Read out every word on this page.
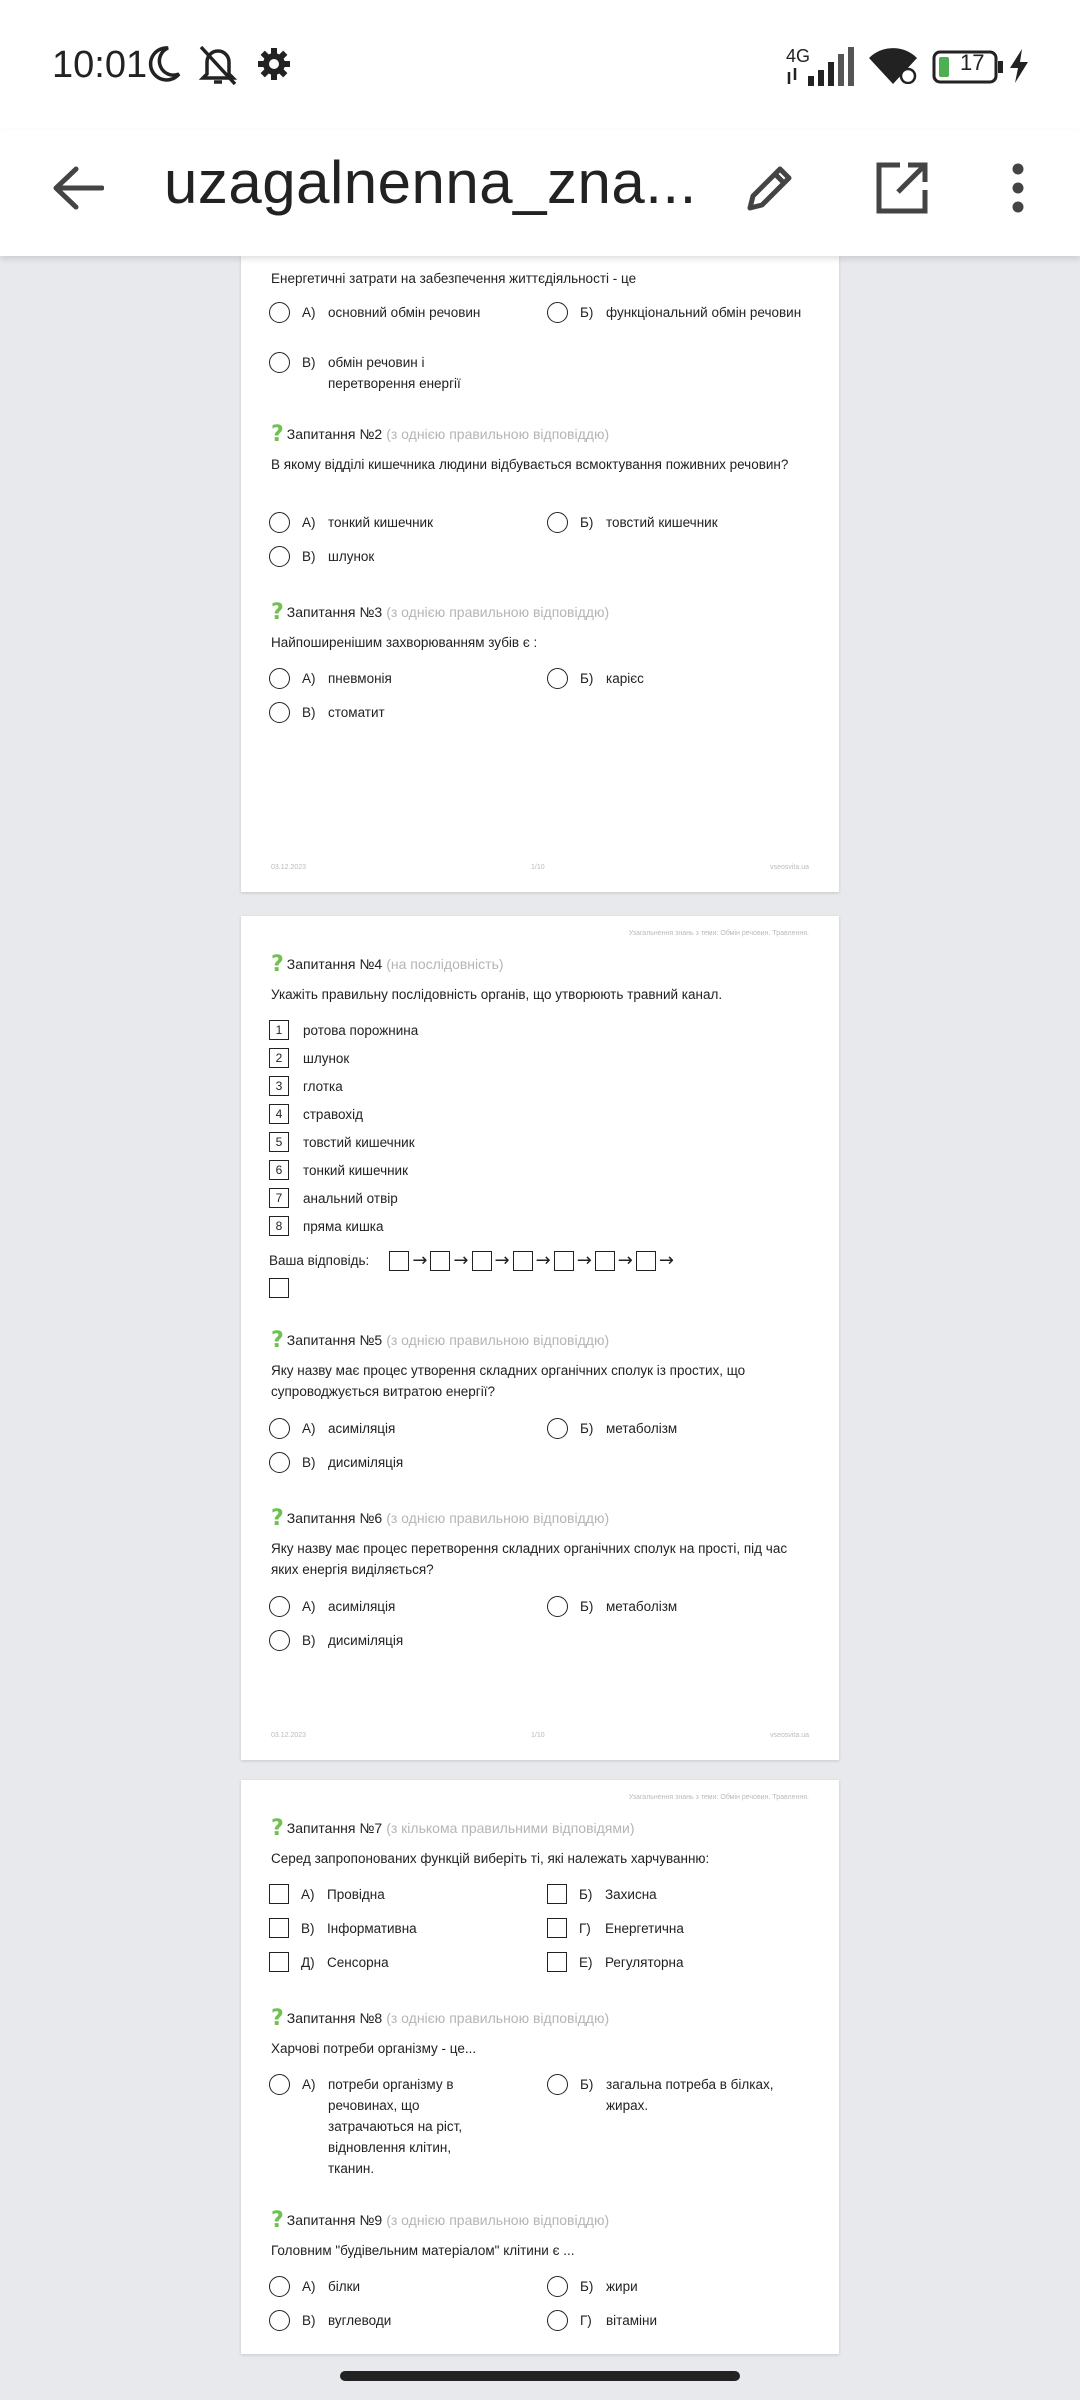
10:01	4G	17
uzagalnenna_zna...
Енергетичні затрати на забезпечення життєдіяльності - це
А) основний обмін речовин	Б) функціональний обмін речовин
В) обмін речовин і перетворення енергії
? Запитання №2 (з однією правильною відповіддю)
В якому відділі кишечника людини відбувається всмоктування поживних речовин?
А) тонкий кишечник	Б) товстий кишечник
В) шлунок
? Запитання №3 (з однією правильною відповіддю)
Найпоширенішим захворюванням зубів є :
А) пневмонія	Б) карієс
В) стоматит
03.12.2023	1/10	vseosvita.ua
Узагальнення знань з теми: Обмін речовин. Травлення.
? Запитання №4 (на послідовність)
Укажіть правильну послідовність органів, що утворюють травний канал.
1	ротова порожнина
2	шлунок
3	глотка
4	стравохід
5	товстий кишечник
6	тонкий кишечник
7	анальний отвір
8	пряма кишка
Ваша відповідь: → → → → → → →
? Запитання №5 (з однією правильною відповіддю)
Яку назву має процес утворення складних органічних сполук із простих, що супроводжується витратою енергії?
А) асиміляція	Б) метаболізм
В) дисиміляція
? Запитання №6 (з однією правильною відповіддю)
Яку назву має процес перетворення складних органічних сполук на прості, під час яких енергія виділяється?
А) асиміляція	Б) метаболізм
В) дисиміляція
03.12.2023	1/10	vseosvita.ua
Узагальнення знань з теми: Обмін речовин. Травлення.
? Запитання №7 (з кількома правильними відповідями)
Серед запропонованих функцій виберіть ті, які належать харчуванню:
А) Провідна	Б) Захисна
В) Інформативна	Г)	Енергетична
Д) Сенсорна	Е) Регуляторна
? Запитання №8 (з однією правильною відповіддю)
Харчові потреби організму - це...
А) потреби організму в речовинах, що затрачаються на ріст, відновлення клітин, тканин.
Б) загальна потреба в білках, жирах.
? Запитання №9 (з однією правильною відповіддю)
Головним "будівельним матеріалом" клітини є ...
А) білки	Б) жири
В) вуглеводи	Г)	вітаміни
